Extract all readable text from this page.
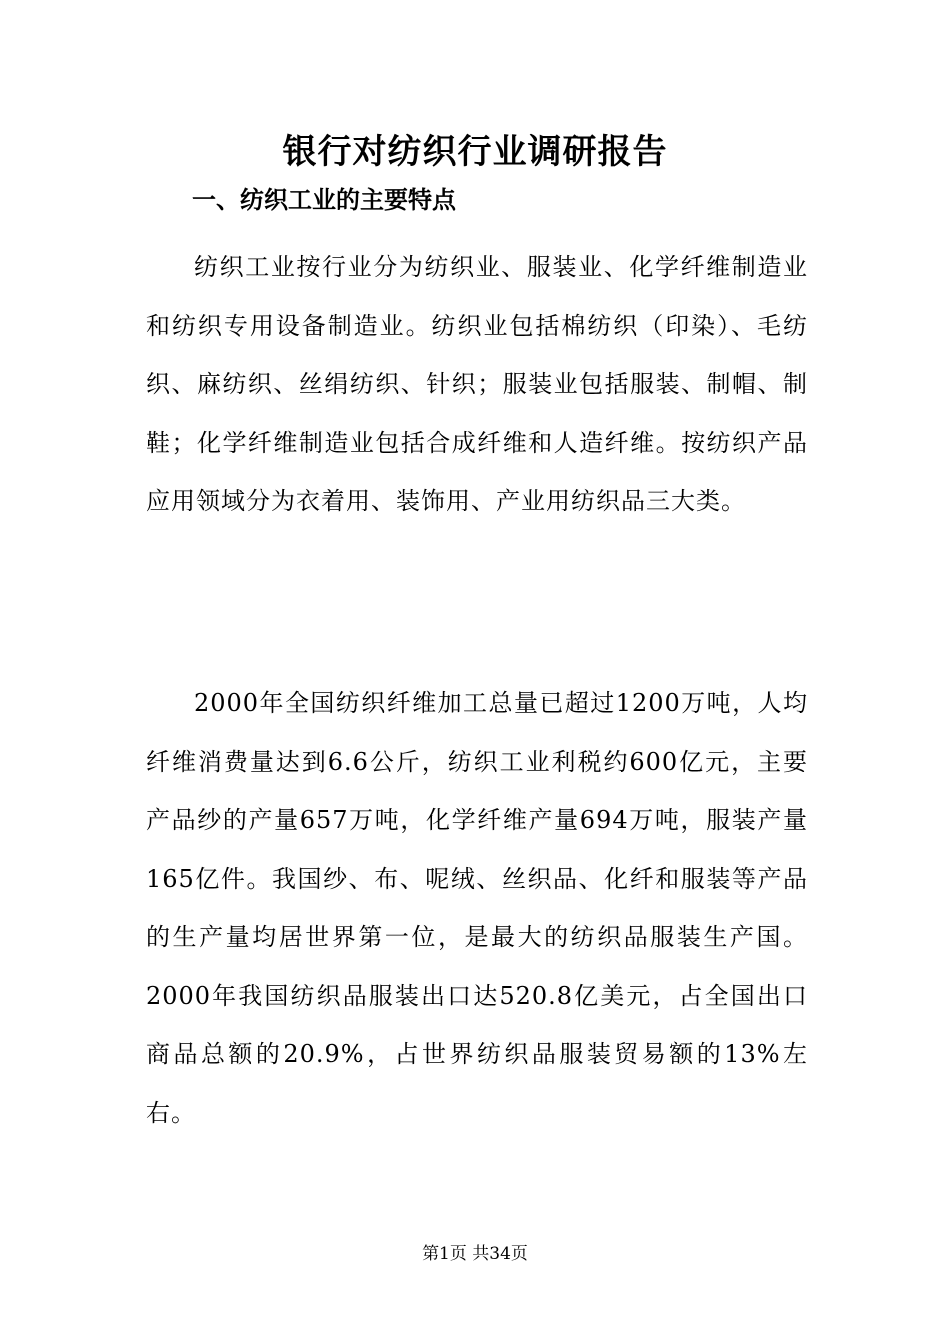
银行对纺织行业调研报告
一、纺织工业的主要特点

纺织工业按行业分为纺织业、服装业、化学纤维制造业和纺织专用设备制造业。纺织业包括棉纺织（印染）、毛纺织、麻纺织、丝绢纺织、针织；服装业包括服装、制帽、制鞋；化学纤维制造业包括合成纤维和人造纤维。按纺织产品应用领域分为衣着用、装饰用、产业用纺织品三大类。

2000年全国纺织纤维加工总量已超过1200万吨，人均纤维消费量达到6.6公斤，纺织工业利税约600亿元，主要产品纱的产量657万吨，化学纤维产量694万吨，服装产量165亿件。我国纱、布、呢绒、丝织品、化纤和服装等产品的生产量均居世界第一位，是最大的纺织品服装生产国。2000年我国纺织品服装出口达520.8亿美元，占全国出口商品总额的20.9%，占世界纺织品服装贸易额的13%左右。

第1页 共34页
